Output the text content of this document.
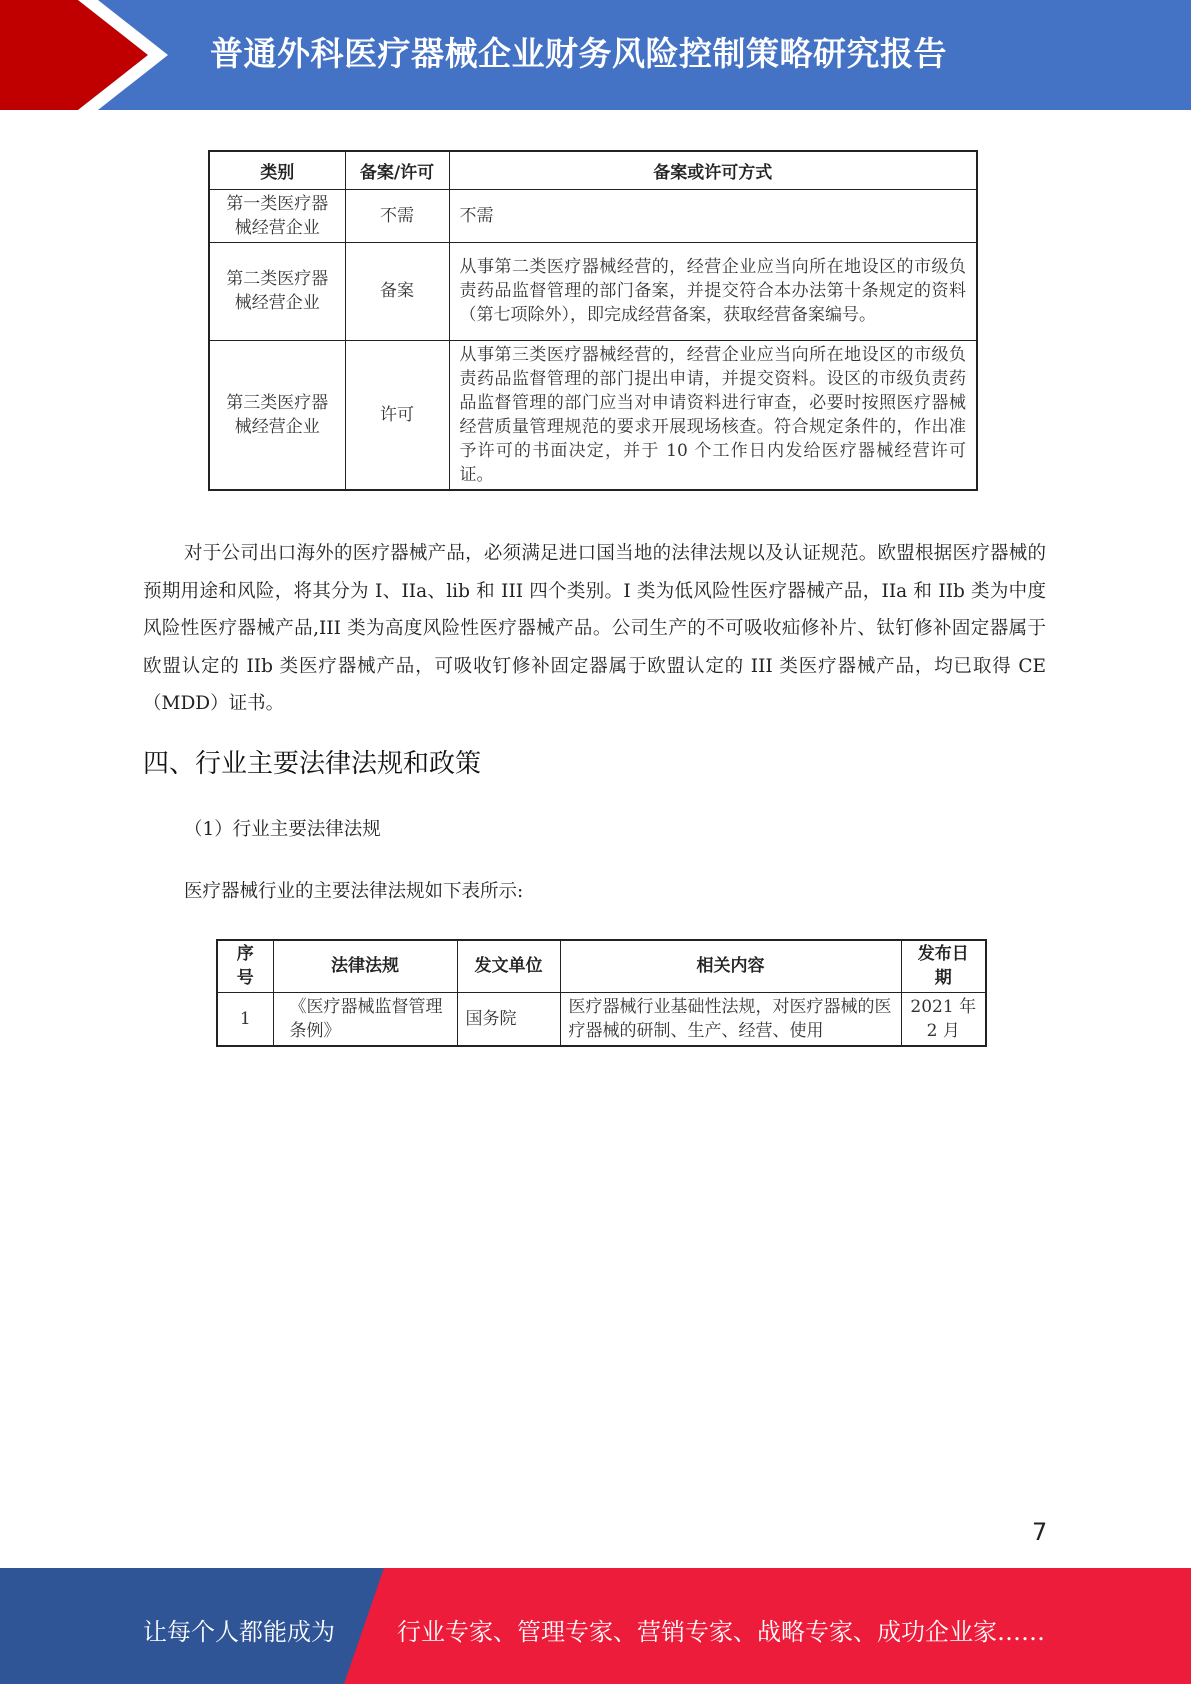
普通外科医疗器械企业财务风险控制策略研究报告
类别	备案/许可	备案或许可方式
第一类医疗器械经营企业	不需	不需
第二类医疗器械经营企业	备案	从事第二类医疗器械经营的，经营企业应当向所在地设区的市级负责药品监督管理的部门备案，并提交符合本办法第十条规定的资料（第七项除外），即完成经营备案，获取经营备案编号。
第三类医疗器械经营企业	许可	从事第三类医疗器械经营的，经营企业应当向所在地设区的市级负责药品监督管理的部门提出申请，并提交资料。设区的市级负责药品监督管理的部门应当对申请资料进行审查，必要时按照医疗器械经营质量管理规范的要求开展现场核查。符合规定条件的，作出准予许可的书面决定，并于 10 个工作日内发给医疗器械经营许可证。
对于公司出口海外的医疗器械产品，必须满足进口国当地的法律法规以及认证规范。欧盟根据医疗器械的预期用途和风险，将其分为 I、IIa、lib 和 III 四个类别。I 类为低风险性医疗器械产品，IIa 和 IIb 类为中度风险性医疗器械产品,III 类为高度风险性医疗器械产品。公司生产的不可吸收疝修补片、钛钉修补固定器属于欧盟认定的 IIb 类医疗器械产品，可吸收钉修补固定器属于欧盟认定的 III 类医疗器械产品，均已取得 CE（MDD）证书。
四、行业主要法律法规和政策
（1）行业主要法律法规
医疗器械行业的主要法律法规如下表所示:
序号	法律法规	发文单位	相关内容	发布日期
1	《医疗器械监督管理条例》	国务院	医疗器械行业基础性法规，对医疗器械的医疗器械的研制、生产、经营、使用	2021 年 2 月
7
让每个人都能成为	行业专家、管理专家、营销专家、战略专家、成功企业家……
